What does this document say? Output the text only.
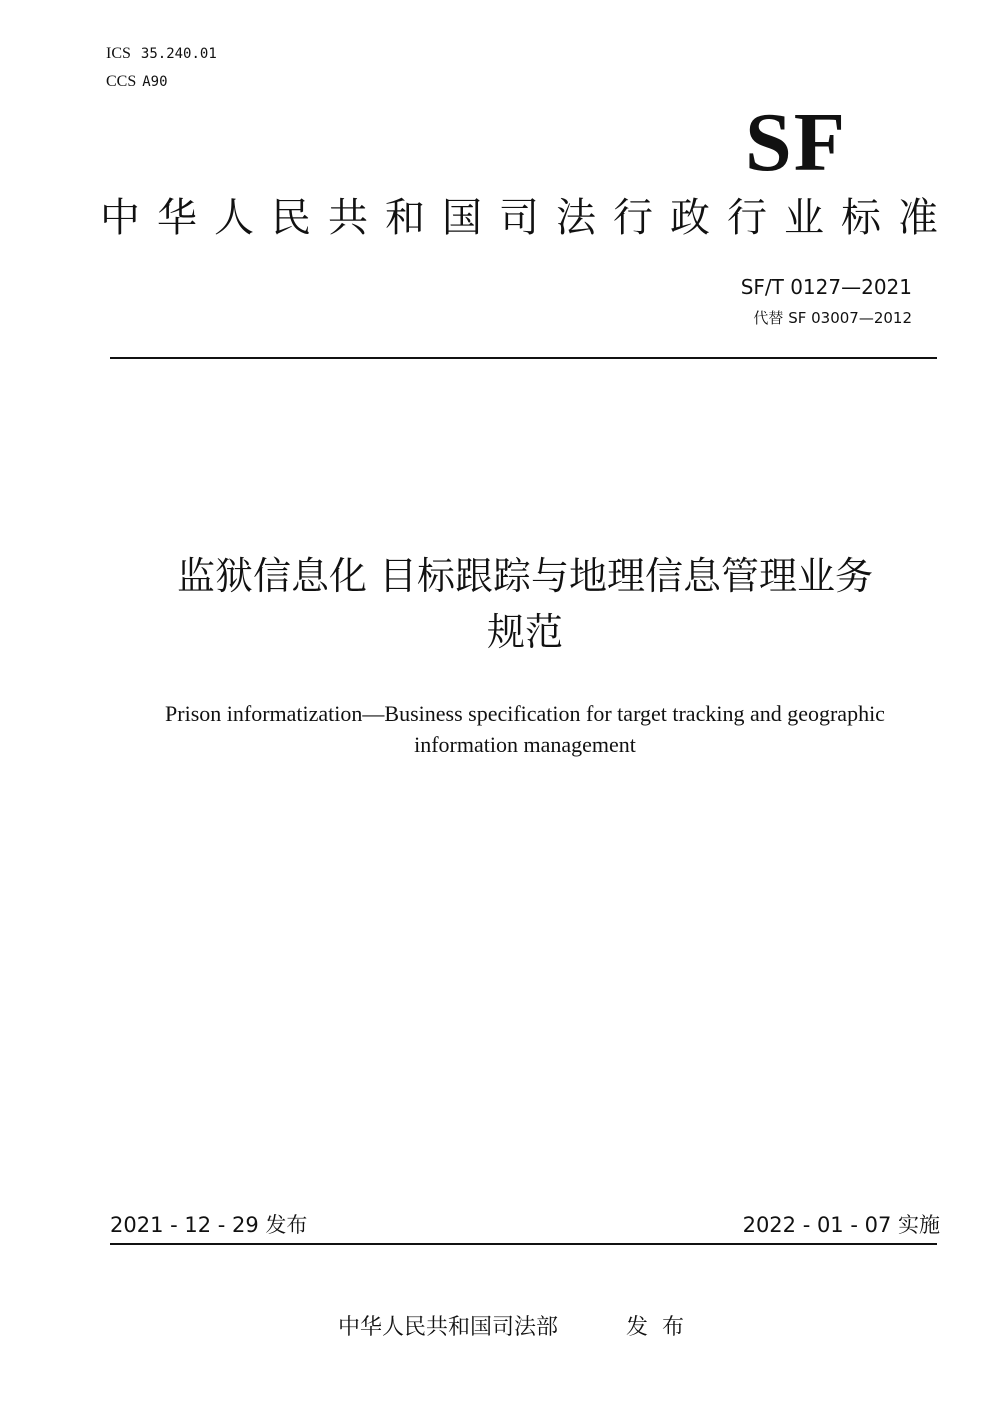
ICS 35.240.01
CCS A90
SF
中华人民共和国司法行政行业标准
SF/T 0127—2021
代替 SF 03007—2012
监狱信息化 目标跟踪与地理信息管理业务
规范
Prison informatization—Business specification for target tracking and geographic
information management
2021 - 12 - 29 发布	2022 - 01 - 07 实施
中华人民共和国司法部	发布
